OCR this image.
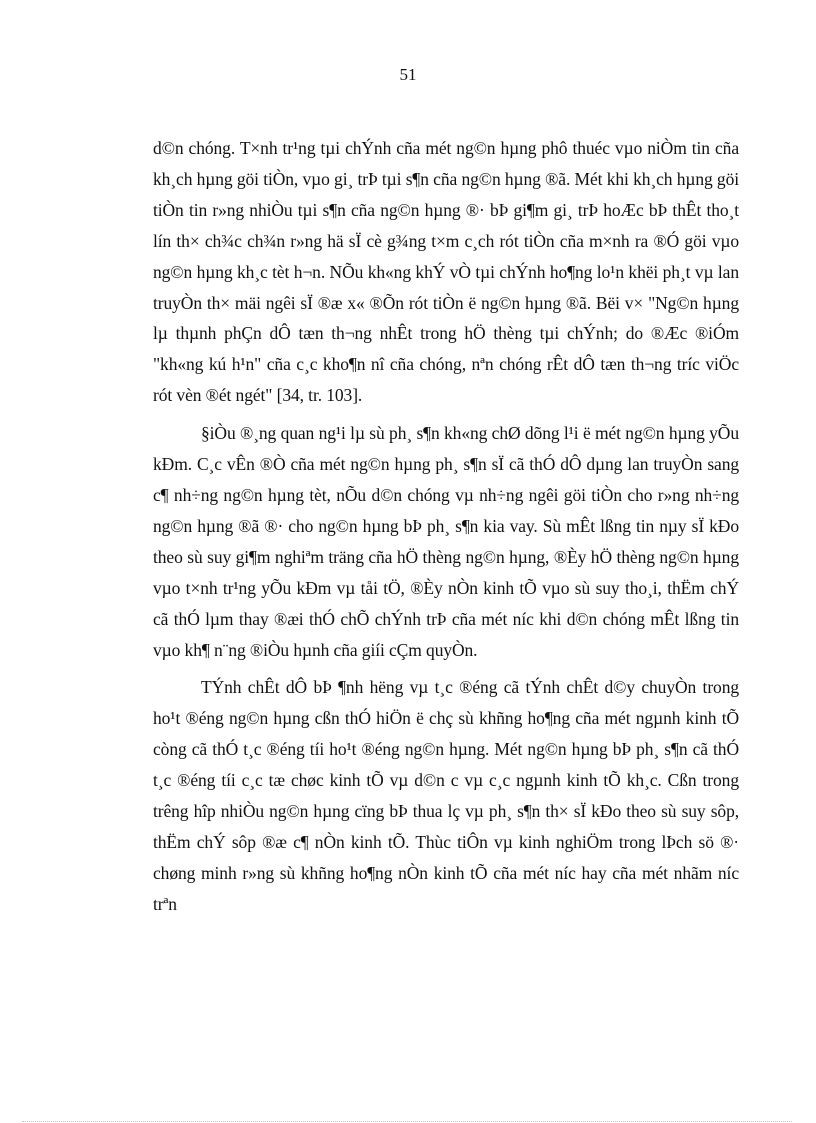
51

d©n chóng. T×nh tr¹ng tµi chÝnh cña mét ng©n hµng phô thuéc vµo niÒm tin cña kh¸ch hµng göi tiÒn, vµo gi¸ trÞ tµi s¶n cña ng©n hµng ®ã. Mét khi kh¸ch hµng göi tiÒn tin r»ng nhiÒu tµi s¶n cña ng©n hµng ®· bÞ gi¶m gi¸ trÞ hoÆc bÞ thÊt tho¸t lín th× ch¾c ch¾n r»ng hä sÏ cè g¾ng t×m c¸ch rót tiÒn cña m×nh ra ®Ó göi vµo ng©n hµng kh¸c tèt h¬n. NÕu kh«ng khÝ vÒ tµi chÝnh ho¶ng lo¹n khëi ph¸t vµ lan truyÒn th× mäi ngêi sÏ ®æ x« ®Õn rót tiÒn ë ng©n hµng ®ã. Bëi v× "Ng©n hµng lµ thµnh phÇn dÔ tæn th¬ng nhÊt trong hÖ thèng tµi chÝnh; do ®Æc ®iÓm "kh«ng kú h¹n" cña c¸c kho¶n nî cña chóng, nªn chóng rÊt dÔ tæn th¬ng tríc viÖc rót vèn ®ét ngét" [34, tr. 103].

§iÒu ®¸ng quan ng¹i lµ sù ph¸ s¶n kh«ng chØ dõng l¹i ë mét ng©n hµng yÕu kÐm. C¸c vÊn ®Ò cña mét ng©n hµng ph¸ s¶n sÏ cã thÓ dÔ dµng lan truyÒn sang c¶ nh÷ng ng©n hµng tèt, nÕu d©n chóng vµ nh÷ng ngêi göi tiÒn cho r»ng nh÷ng ng©n hµng ®ã ®· cho ng©n hµng bÞ ph¸ s¶n kia vay. Sù mÊt lßng tin nµy sÏ kÐo theo sù suy gi¶m nghiªm träng cña hÖ thèng ng©n hµng, ®Èy hÖ thèng ng©n hµng vµo t×nh tr¹ng yÕu kÐm vµ tåi tÖ, ®Èy nÒn kinh tÕ vµo sù suy tho¸i, thËm chÝ cã thÓ lµm thay ®æi thÓ chÕ chÝnh trÞ cña mét níc khi d©n chóng mÊt lßng tin vµo kh¶ n¨ng ®iÒu hµnh cña giíi cÇm quyÒn.

TÝnh chÊt dÔ bÞ ¶nh hëng vµ t¸c ®éng cã tÝnh chÊt d©y chuyÒn trong ho¹t ®éng ng©n hµng cßn thÓ hiÖn ë chç sù khñng ho¶ng cña mét ngµnh kinh tÕ còng cã thÓ t¸c ®éng tíi ho¹t ®éng ng©n hµng. Mét ng©n hµng bÞ ph¸ s¶n cã thÓ t¸c ®éng tíi c¸c tæ chøc kinh tÕ vµ d©n c vµ c¸c ngµnh kinh tÕ kh¸c. Cßn trong trêng hîp nhiÒu ng©n hµng cïng bÞ thua lç vµ ph¸ s¶n th× sÏ kÐo theo sù suy sôp, thËm chÝ sôp ®æ c¶ nÒn kinh tÕ. Thùc tiÔn vµ kinh nghiÖm trong lÞch sö ®· chøng minh r»ng sù khñng ho¶ng nÒn kinh tÕ cña mét níc hay cña mét nhãm níc trªn
